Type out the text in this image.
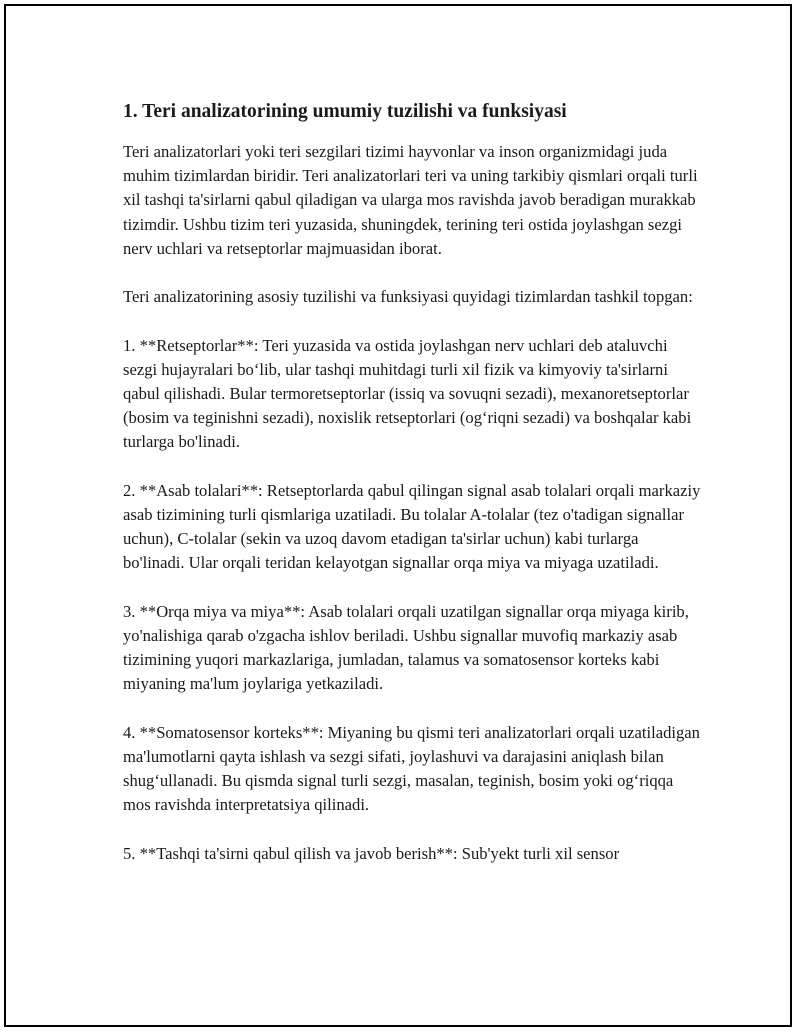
1. Teri analizatorining umumiy tuzilishi va funksiyasi

Teri analizatorlari yoki teri sezgilari tizimi hayvonlar va inson organizmidagi juda muhim tizimlardan biridir. Teri analizatorlari teri va uning tarkibiy qismlari orqali turli xil tashqi ta'sirlarni qabul qiladigan va ularga mos ravishda javob beradigan murakkab tizimdir. Ushbu tizim teri yuzasida, shuningdek, terining teri ostida joylashgan sezgi nerv uchlari va retseptorlar majmuasidan iborat.

Teri analizatorining asosiy tuzilishi va funksiyasi quyidagi tizimlardan tashkil topgan:

1. **Retseptorlar**: Teri yuzasida va ostida joylashgan nerv uchlari deb ataluvchi sezgi hujayralari bo‘lib, ular tashqi muhitdagi turli xil fizik va kimyoviy ta'sirlarni qabul qilishadi. Bular termoretseptorlar (issiq va sovuqni sezadi), mexanoretseptorlar (bosim va teginishni sezadi), noxislik retseptorlari (og‘riqni sezadi) va boshqalar kabi turlarga bo'linadi.

2. **Asab tolalari**: Retseptorlarda qabul qilingan signal asab tolalari orqali markaziy asab tizimining turli qismlariga uzatiladi. Bu tolalar A-tolalar (tez o'tadigan signallar uchun), C-tolalar (sekin va uzoq davom etadigan ta'sirlar uchun) kabi turlarga bo'linadi. Ular orqali teridan kelayotgan signallar orqa miya va miyaga uzatiladi.

3. **Orqa miya va miya**: Asab tolalari orqali uzatilgan signallar orqa miyaga kirib, yo'nalishiga qarab o'zgacha ishlov beriladi. Ushbu signallar muvofiq markaziy asab tizimining yuqori markazlariga, jumladan, talamus va somatosensor korteks kabi miyaning ma'lum joylariga yetkaziladi.

4. **Somatosensor korteks**: Miyaning bu qismi teri analizatorlari orqali uzatiladigan ma'lumotlarni qayta ishlash va sezgi sifati, joylashuvi va darajasini aniqlash bilan shug‘ullanadi. Bu qismda signal turli sezgi, masalan, teginish, bosim yoki og‘riqqa mos ravishda interpretatsiya qilinadi.

5. **Tashqi ta'sirni qabul qilish va javob berish**: Sub'yekt turli xil sensor
